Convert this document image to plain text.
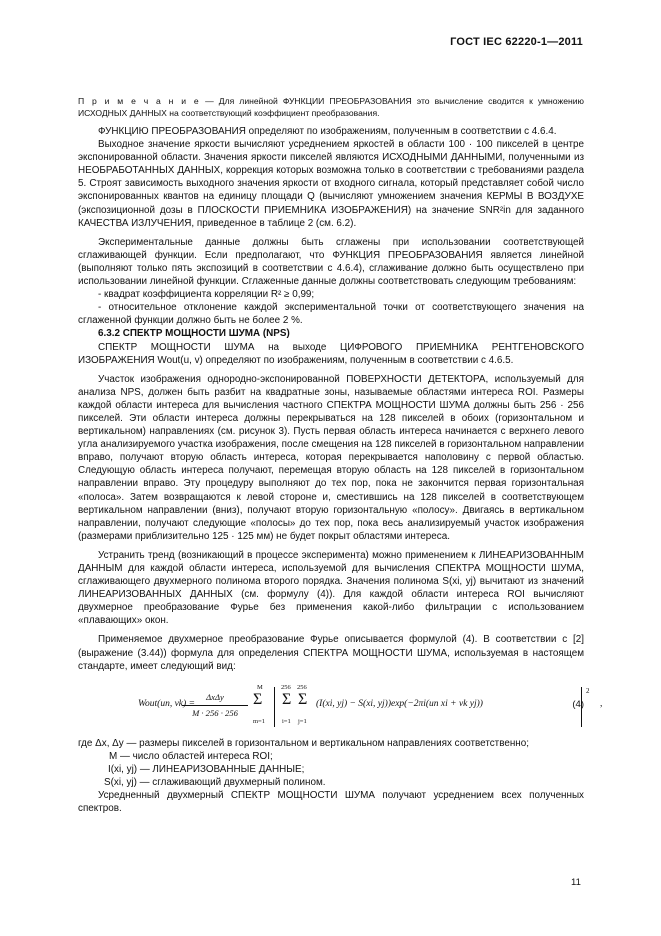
ГОСТ IEC 62220-1—2011

П р и м е ч а н и е — Для линейной ФУНКЦИИ ПРЕОБРАЗОВАНИЯ это вычисление сводится к умножению ИСХОДНЫХ ДАННЫХ на соответствующий коэффициент преобразования.

ФУНКЦИЮ ПРЕОБРАЗОВАНИЯ определяют по изображениям, полученным в соответствии с 4.6.4.

Выходное значение яркости вычисляют усреднением яркостей в области 100 · 100 пикселей в центре экспонированной области. Значения яркости пикселей являются ИСХОДНЫМИ ДАННЫМИ, полученными из НЕОБРАБОТАННЫХ ДАННЫХ, коррекция которых возможна только в соответствии с требованиями раздела 5. Строят зависимость выходного значения яркости от входного сигнала, который представляет собой число экспонированных квантов на единицу площади Q (вычисляют умножением значения КЕРМЫ В ВОЗДУХЕ (экспозиционной дозы в ПЛОСКОСТИ ПРИЕМНИКА ИЗОБРАЖЕНИЯ) на значение SNR²in для заданного КАЧЕСТВА ИЗЛУЧЕНИЯ, приведенное в таблице 2 (см. 6.2).

Экспериментальные данные должны быть сглажены при использовании соответствующей сглаживающей функции. Если предполагают, что ФУНКЦИЯ ПРЕОБРАЗОВАНИЯ является линейной (выполняют только пять экспозиций в соответствии с 4.6.4), сглаживание должно быть осуществлено при использовании линейной функции. Сглаженные данные должны соответствовать следующим требованиям:

- квадрат коэффициента корреляции R² ≥ 0,99;

- относительное отклонение каждой экспериментальной точки от соответствующего значения на сглаженной функции должно быть не более 2 %.

6.3.2 СПЕКТР МОЩНОСТИ ШУМА (NPS)

СПЕКТР МОЩНОСТИ ШУМА на выходе ЦИФРОВОГО ПРИЕМНИКА РЕНТГЕНОВСКОГО ИЗОБРАЖЕНИЯ Wout(u, v) определяют по изображениям, полученным в соответствии с 4.6.5.

Участок изображения однородно-экспонированной ПОВЕРХНОСТИ ДЕТЕКТОРА, используемый для анализа NPS, должен быть разбит на квадратные зоны, называемые областями интереса ROI. Размеры каждой области интереса для вычисления частного СПЕКТРА МОЩНОСТИ ШУМА должны быть 256 · 256 пикселей. Эти области интереса должны перекрываться на 128 пикселей в обоих (горизонтальном и вертикальном) направлениях (см. рисунок 3). Пусть первая область интереса начинается с верхнего левого угла анализируемого участка изображения, после смещения на 128 пикселей в горизонтальном направлении вправо, получают вторую область интереса, которая перекрывается наполовину с первой областью. Следующую область интереса получают, перемещая вторую область на 128 пикселей в горизонтальном направлении вправо. Эту процедуру выполняют до тех пор, пока не закончится первая горизонтальная «полоса». Затем возвращаются к левой стороне и, сместившись на 128 пикселей в соответствующем вертикальном направлении (вниз), получают вторую горизонтальную «полосу». Двигаясь в вертикальном направлении, получают следующие «полосы» до тех пор, пока весь анализируемый участок изображения (размерами приблизительно 125 · 125 мм) не будет покрыт областями интереса.

Устранить тренд (возникающий в процессе эксперимента) можно применением к ЛИНЕАРИЗОВАННЫМ ДАННЫМ для каждой области интереса, используемой для вычисления СПЕКТРА МОЩНОСТИ ШУМА, сглаживающего двухмерного полинома второго порядка. Значения полинома S(xi, yj) вычитают из значений ЛИНЕАРИЗОВАННЫХ ДАННЫХ (см. формулу (4)). Для каждой области интереса ROI вычисляют двухмерное преобразование Фурье без применения какой-либо фильтрации с использованием «плавающих» окон.

Применяемое двухмерное преобразование Фурье описывается формулой (4). В соответствии с [2] (выражение (3.44)) формула для определения СПЕКТРА МОЩНОСТИ ШУМА, используемая в настоящем стандарте, имеет следующий вид:

Wout(un, vk) =
ΔxΔy
M · 256 · 256
M
Σ
m=1
256
Σ
i=1
256
Σ
j=1
(I(xi, yj) − S(xi, yj))exp(−2πi(un xi + vk yj))
2
,
(4)

где Δx, Δy — размеры пикселей в горизонтальном и вертикальном направлениях соответственно;

M — число областей интереса ROI;

I(xi, yj) — ЛИНЕАРИЗОВАННЫЕ ДАННЫЕ;

S(xi, yj) — сглаживающий двухмерный полином.

Усредненный двухмерный СПЕКТР МОЩНОСТИ ШУМА получают усреднением всех полученных спектров.

11
